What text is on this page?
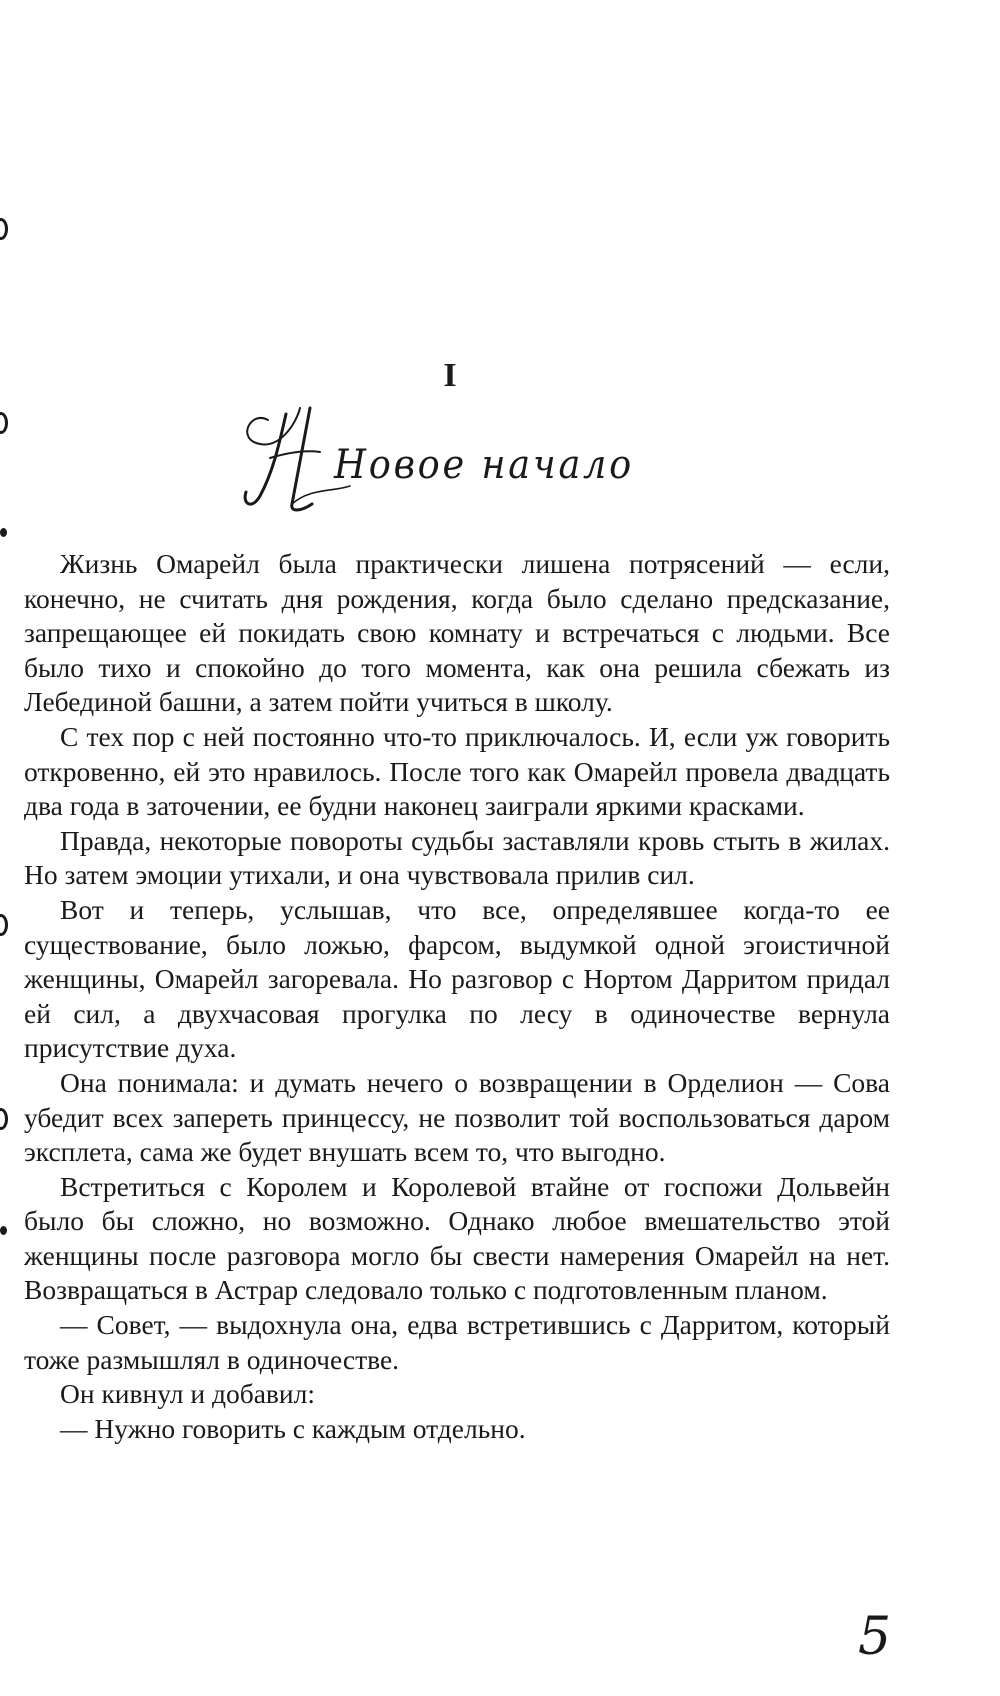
I
Новое начало

Жизнь Омарейл была практически лишена потрясений — если, конечно, не считать дня рождения, когда было сделано предсказание, запрещающее ей покидать свою комнату и встречаться с людьми. Все было тихо и спокойно до того момента, как она решила сбежать из Лебединой башни, а затем пойти учиться в школу.

С тех пор с ней постоянно что-то приключалось. И, если уж говорить откровенно, ей это нравилось. После того как Омарейл провела двадцать два года в заточении, ее будни наконец заиграли яркими красками.

Правда, некоторые повороты судьбы заставляли кровь стыть в жилах. Но затем эмоции утихали, и она чувствовала прилив сил.

Вот и теперь, услышав, что все, определявшее когда-то ее существование, было ложью, фарсом, выдумкой одной эгоистичной женщины, Омарейл загоревала. Но разговор с Нортом Дарритом придал ей сил, а двухчасовая прогулка по лесу в одиночестве вернула присутствие духа.

Она понимала: и думать нечего о возвращении в Орделион — Сова убедит всех запереть принцессу, не позволит той воспользоваться даром эксплета, сама же будет внушать всем то, что выгодно.

Встретиться с Королем и Королевой втайне от госпожи Дольвейн было бы сложно, но возможно. Однако любое вмешательство этой женщины после разговора могло бы свести намерения Омарейл на нет. Возвращаться в Астрар следовало только с подготовленным планом.

— Совет, — выдохнула она, едва встретившись с Дарритом, который тоже размышлял в одиночестве.

Он кивнул и добавил:

— Нужно говорить с каждым отдельно.

5
